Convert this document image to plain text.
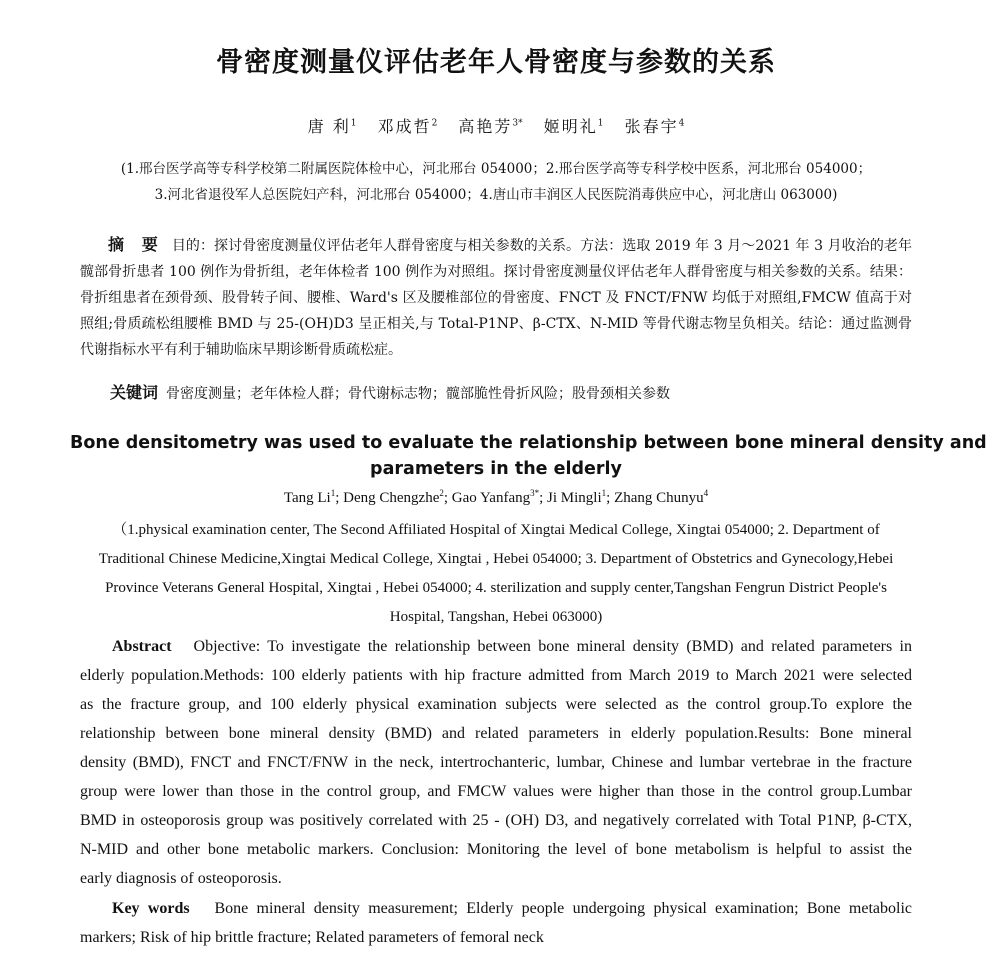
骨密度测量仪评估老年人骨密度与参数的关系
唐 利$^1$ 邓成哲$^2$ 高艳芳$^{3*}$ 姬明礼$^1$ 张春宇$^4$
(1.邢台医学高等专科学校第二附属医院体检中心，河北邢台 054000；2.邢台医学高等专科学校中医系，河北邢台 054000；
3.河北省退役军人总医院妇产科，河北邢台 054000；4.唐山市丰润区人民医院消毒供应中心，河北唐山 063000)
摘 要 目的：探讨骨密度测量仪评估老年人群骨密度与相关参数的关系。方法：选取 2019 年 3 月～2021 年 3 月收治的老年髋部骨折患者 100 例作为骨折组，老年体检者 100 例作为对照组。探讨骨密度测量仪评估老年人群骨密度与相关参数的关系。结果：骨折组患者在颈骨颈、股骨转子间、腰椎、Ward's 区及腰椎部位的骨密度、FNCT 及 FNCT/FNW 均低于对照组,FMCW 值高于对照组;骨质疏松组腰椎 BMD 与 25-(OH)D3 呈正相关,与 Total-P1NP、β-CTX、N-MID 等骨代谢志物呈负相关。结论：通过监测骨代谢指标水平有利于辅助临床早期诊断骨质疏松症。
关键词 骨密度测量；老年体检人群；骨代谢标志物；髋部脆性骨折风险；股骨颈相关参数
Bone densitometry was used to evaluate the relationship between bone mineral density and
parameters in the elderly
Tang Li$^1$; Deng Chengzhe$^2$; Gao Yanfang$^{3*}$; Ji Mingli$^1$; Zhang Chunyu$^4$
（1.physical examination center, The Second Affiliated Hospital of Xingtai Medical College, Xingtai 054000; 2. Department of
Traditional Chinese Medicine,Xingtai Medical College, Xingtai , Hebei 054000; 3. Department of Obstetrics and Gynecology,Hebei
Province Veterans General Hospital, Xingtai , Hebei 054000; 4. sterilization and supply center,Tangshan Fengrun District People's
Hospital, Tangshan, Hebei 063000)
Abstract Objective: To investigate the relationship between bone mineral density (BMD) and related parameters in
elderly population.Methods: 100 elderly patients with hip fracture admitted from March 2019 to March 2021 were selected
as the fracture group, and 100 elderly physical examination subjects were selected as the control group.To explore the
relationship between bone mineral density (BMD) and related parameters in elderly population.Results: Bone mineral
density (BMD), FNCT and FNCT/FNW in the neck, intertrochanteric, lumbar, Chinese and lumbar vertebrae in the fracture
group were lower than those in the control group, and FMCW values were higher than those in the control group.Lumbar
BMD in osteoporosis group was positively correlated with 25 - (OH) D3, and negatively correlated with Total P1NP, β-CTX,
N-MID and other bone metabolic markers. Conclusion: Monitoring the level of bone metabolism is helpful to assist the
early diagnosis of osteoporosis.
Key words Bone mineral density measurement; Elderly people undergoing physical examination; Bone metabolic
markers; Risk of hip brittle fracture; Related parameters of femoral neck
